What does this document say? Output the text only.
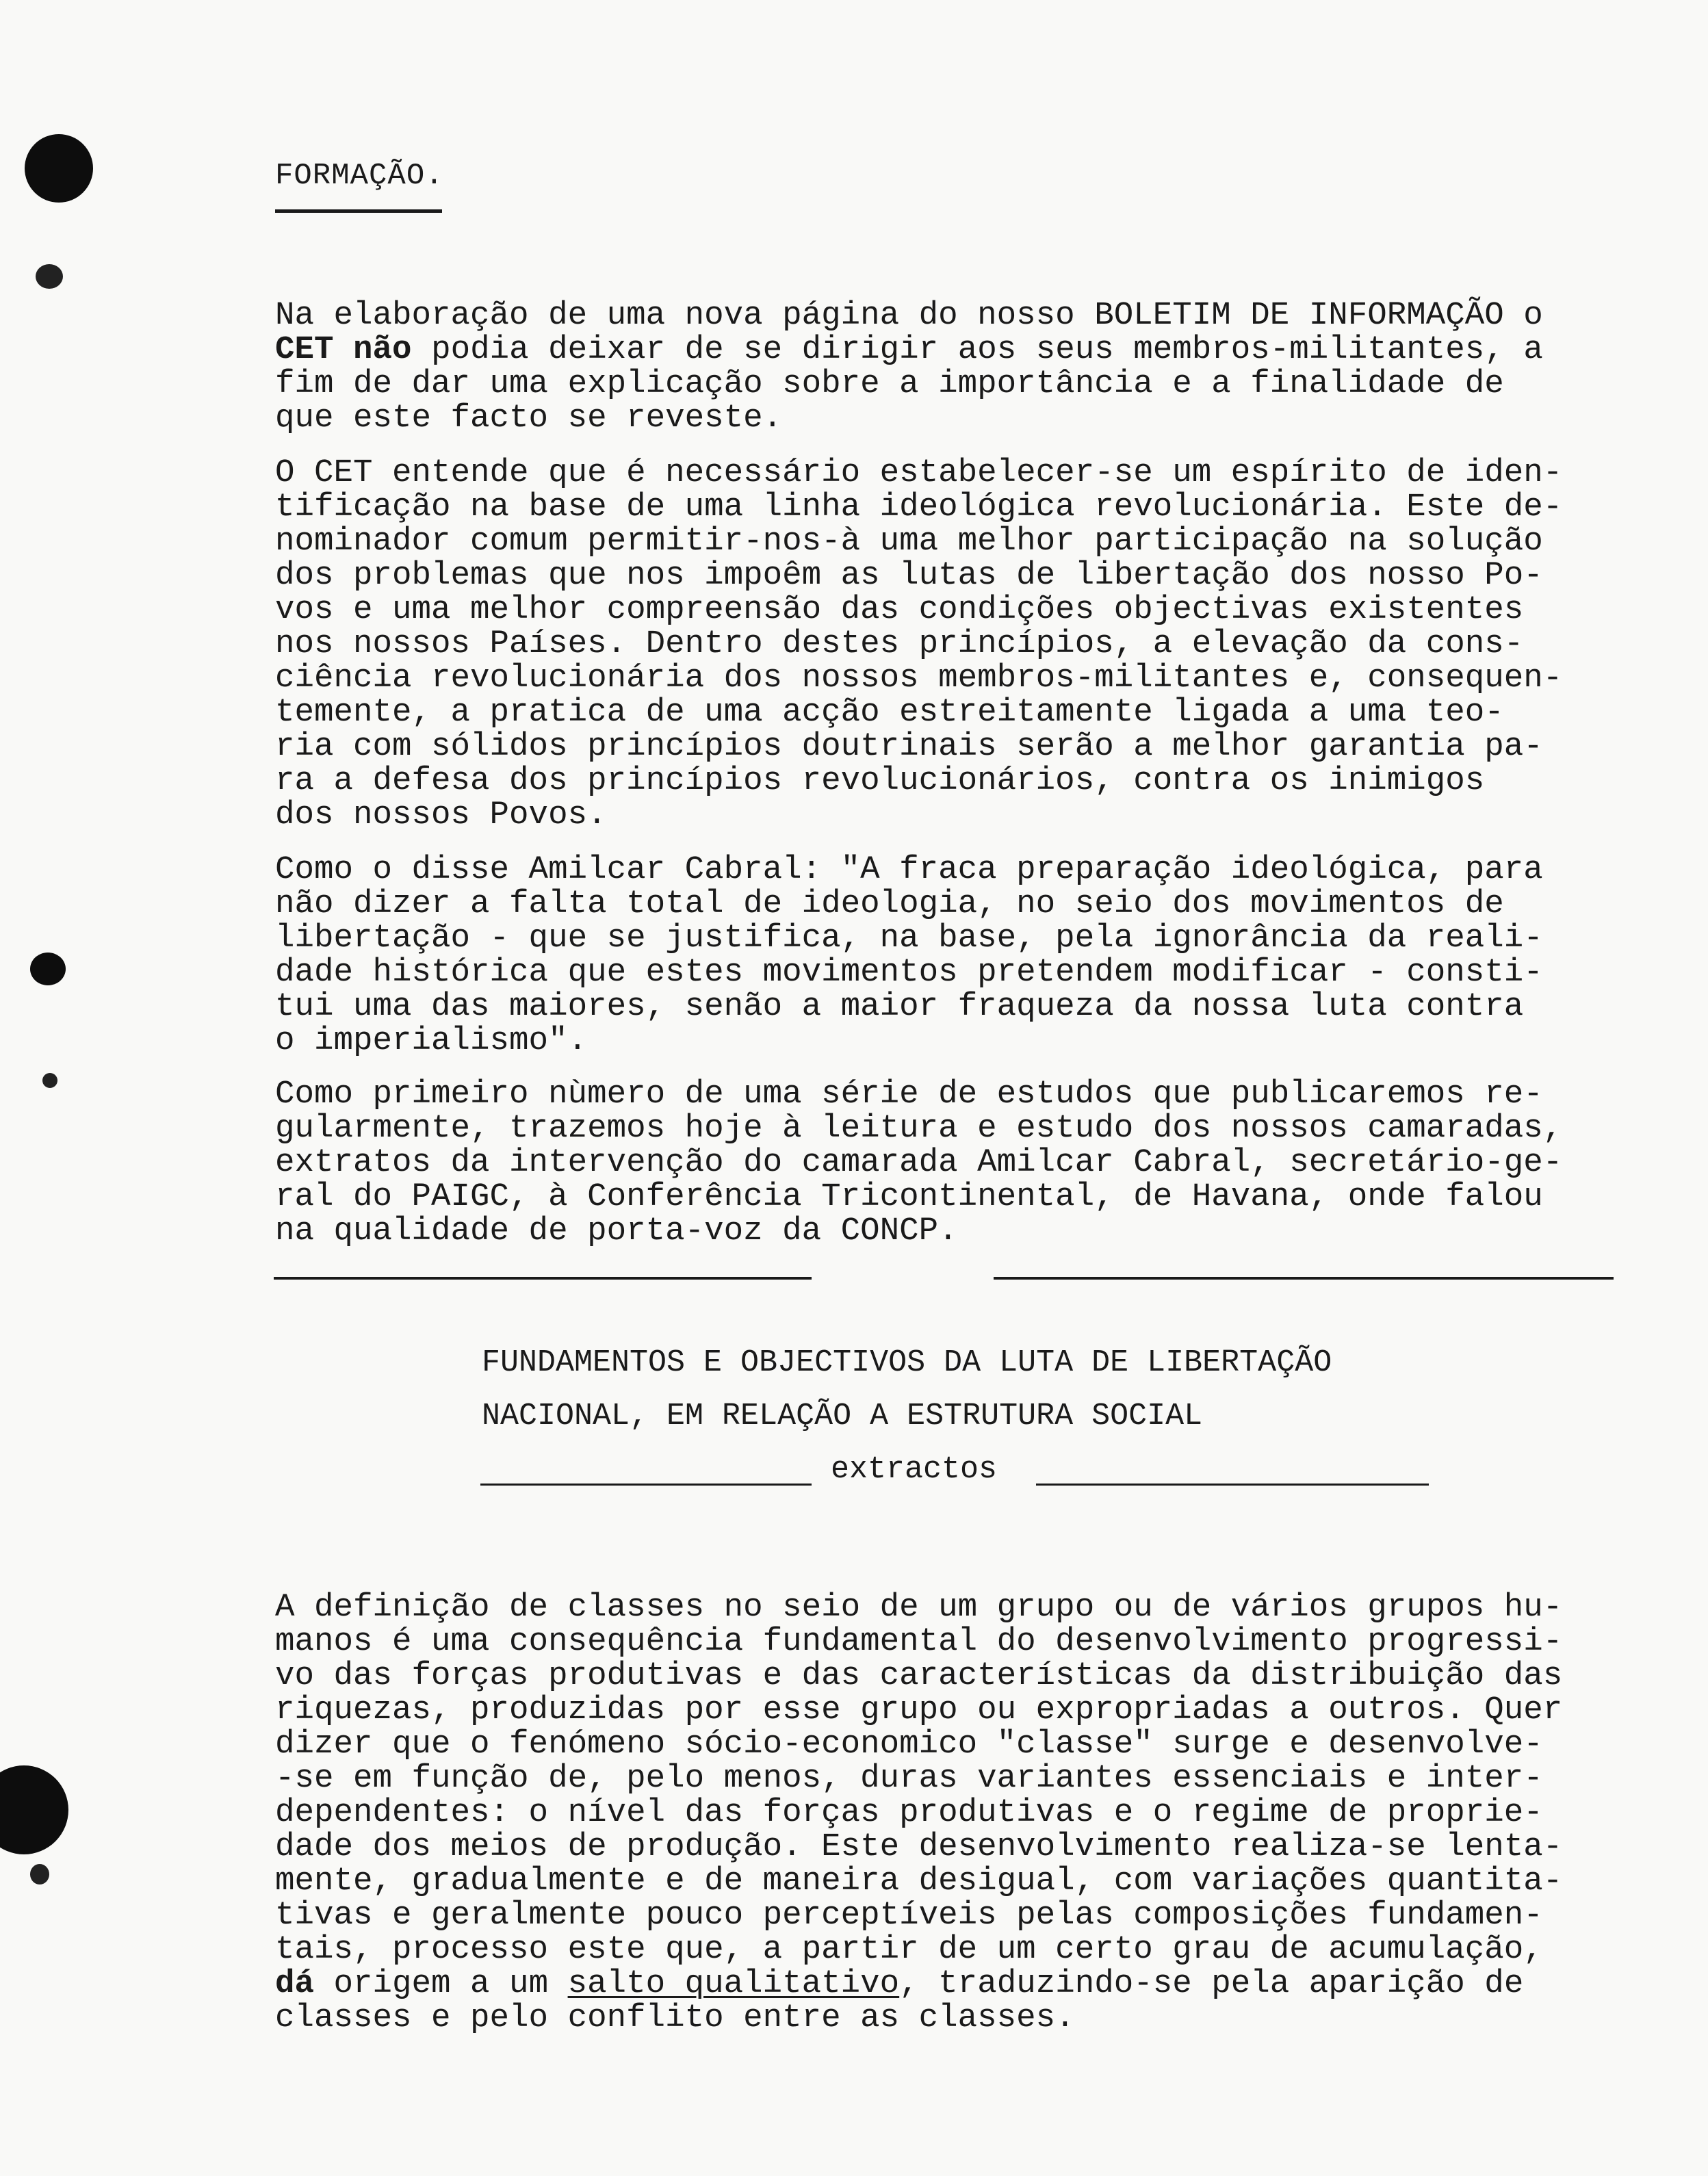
FORMAÇÃO.
Na elaboração de uma nova página do nosso BOLETIM DE INFORMAÇÃO o
CET não podia deixar de se dirigir aos seus membros-militantes, a
fim de dar uma explicação sobre a importância e a finalidade de
que este facto se reveste.
O CET entende que é necessário estabelecer-se um espírito de iden-
tificação na base de uma linha ideológica revolucionária. Este de-
nominador comum permitir-nos-à uma melhor participação na solução
dos problemas que nos impoêm as lutas de libertação dos nosso Po-
vos e uma melhor compreensão das condições objectivas existentes
nos nossos Países. Dentro destes princípios, a elevação da cons-
ciência revolucionária dos nossos membros-militantes e, consequen-
temente, a pratica de uma acção estreitamente ligada a uma teo-
ria com sólidos princípios doutrinais serão a melhor garantia pa-
ra a defesa dos princípios revolucionários, contra os inimigos
dos nossos Povos.
Como o disse Amilcar Cabral: "A fraca preparação ideológica, para
não dizer a falta total de ideologia, no seio dos movimentos de
libertação - que se justifica, na base, pela ignorância da reali-
dade histórica que estes movimentos pretendem modificar - consti-
tui uma das maiores, senão a maior fraqueza da nossa luta contra
o imperialismo".
Como primeiro nùmero de uma série de estudos que publicaremos re-
gularmente, trazemos hoje à leitura e estudo dos nossos camaradas,
extratos da intervenção do camarada Amilcar Cabral, secretário-ge-
ral do PAIGC, à Conferência Tricontinental, de Havana, onde falou
na qualidade de porta-voz da CONCP.
FUNDAMENTOS E OBJECTIVOS DA LUTA DE LIBERTAÇÃO
NACIONAL, EM RELAÇÃO A ESTRUTURA SOCIAL
extractos
A definição de classes no seio de um grupo ou de vários grupos hu-
manos é uma consequência fundamental do desenvolvimento progressi-
vo das forças produtivas e das características da distribuição das
riquezas, produzidas por esse grupo ou expropriadas a outros. Quer
dizer que o fenómeno sócio-economico "classe" surge e desenvolve-
-se em função de, pelo menos, duras variantes essenciais e inter-
dependentes: o nível das forças produtivas e o regime de proprie-
dade dos meios de produção. Este desenvolvimento realiza-se lenta-
mente, gradualmente e de maneira desigual, com variações quantita-
tivas e geralmente pouco perceptíveis pelas composições fundamen-
tais, processo este que, a partir de um certo grau de acumulação,
dá origem a um salto qualitativo, traduzindo-se pela aparição de
classes e pelo conflito entre as classes.
